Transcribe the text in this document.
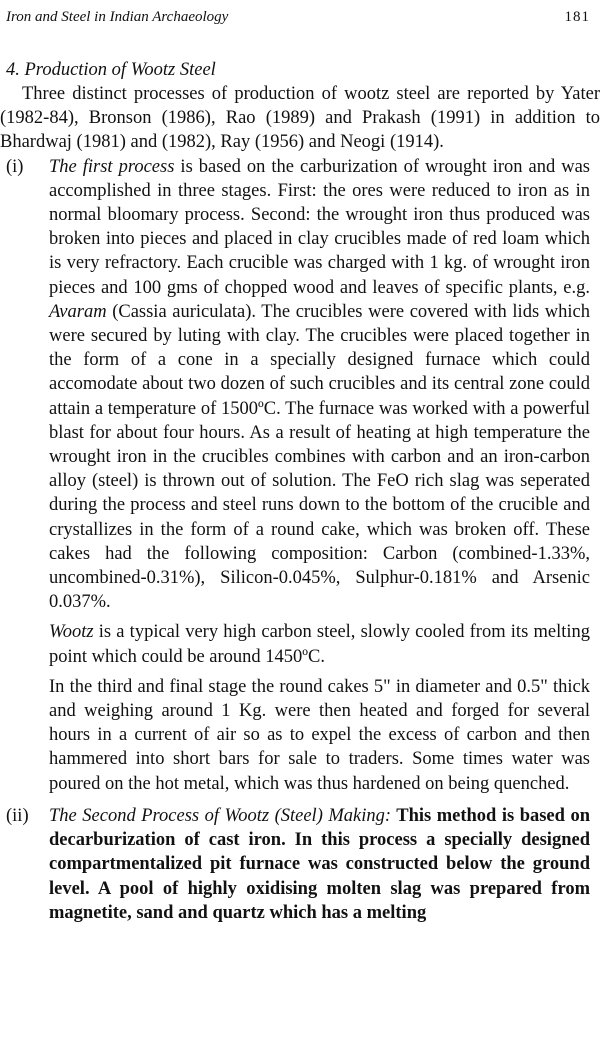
Iron and Steel in Indian Archaeology	181
4. Production of Wootz Steel

Three distinct processes of production of wootz steel are reported by Yater (1982-84), Bronson (1986), Rao (1989) and Prakash (1991) in addition to Bhardwaj (1981) and (1982), Ray (1956) and Neogi (1914).

(i) The first process is based on the carburization of wrought iron and was accomplished in three stages. First: the ores were reduced to iron as in normal bloomary process. Second: the wrought iron thus produced was broken into pieces and placed in clay crucibles made of red loam which is very refractory. Each crucible was charged with 1 kg. of wrought iron pieces and 100 gms of chopped wood and leaves of specific plants, e.g. Avaram (Cassia auriculata). The crucibles were covered with lids which were secured by luting with clay. The crucibles were placed together in the form of a cone in a specially designed furnace which could accomodate about two dozen of such crucibles and its central zone could attain a temperature of 1500ºC. The furnace was worked with a powerful blast for about four hours. As a result of heating at high temperature the wrought iron in the crucibles combines with carbon and an iron-carbon alloy (steel) is thrown out of solution. The FeO rich slag was seperated during the process and steel runs down to the bottom of the crucible and crystallizes in the form of a round cake, which was broken off. These cakes had the following composition: Carbon (combined-1.33%, uncombined-0.31%), Silicon-0.045%, Sulphur-0.181% and Arsenic 0.037%.

Wootz is a typical very high carbon steel, slowly cooled from its melting point which could be around 1450ºC.

In the third and final stage the round cakes 5" in diameter and 0.5" thick and weighing around 1 Kg. were then heated and forged for several hours in a current of air so as to expel the excess of carbon and then hammered into short bars for sale to traders. Some times water was poured on the hot metal, which was thus hardened on being quenched.

(ii) The Second Process of Wootz (Steel) Making: This method is based on decarburization of cast iron. In this process a specially designed compartmentalized pit furnace was constructed below the ground level. A pool of highly oxidising molten slag was prepared from magnetite, sand and quartz which has a melting
